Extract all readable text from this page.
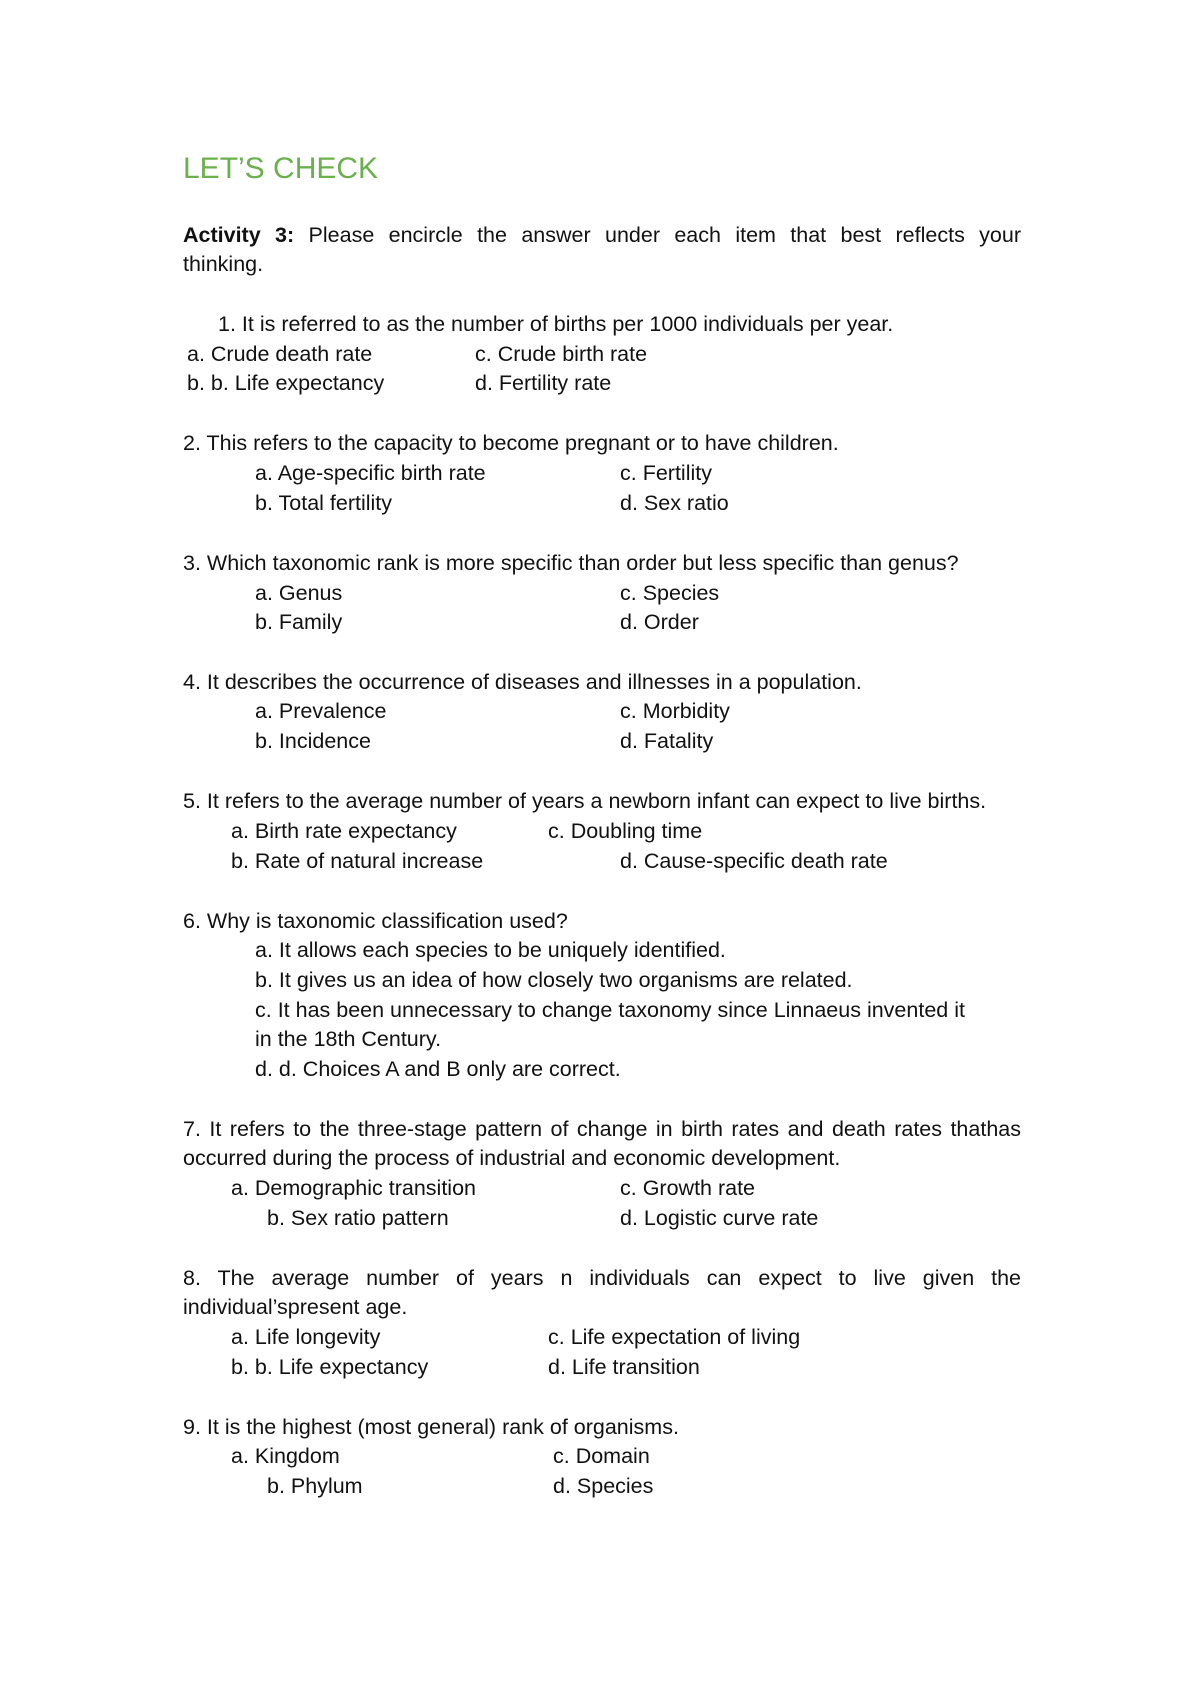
LET’S CHECK
Activity 3: Please encircle the answer under each item that best reflects your
thinking.
1. It is referred to as the number of births per 1000 individuals per year.
a. Crude death rate	c. Crude birth rate
b. b. Life expectancy	d. Fertility rate
2. This refers to the capacity to become pregnant or to have children.
a. Age-specific birth rate	c. Fertility
b. Total fertility	d. Sex ratio
3. Which taxonomic rank is more specific than order but less specific than genus?
a. Genus	c. Species
b. Family	d. Order
4. It describes the occurrence of diseases and illnesses in a population.
a. Prevalence	c. Morbidity
b. Incidence	d. Fatality
5. It refers to the average number of years a newborn infant can expect to live births.
a. Birth rate expectancy	c. Doubling time
b. Rate of natural increase	d. Cause-specific death rate
6. Why is taxonomic classification used?
a. It allows each species to be uniquely identified.
b. It gives us an idea of how closely two organisms are related.
c. It has been unnecessary to change taxonomy since Linnaeus invented it
in the 18th Century.
d. d. Choices A and B only are correct.
7. It refers to the three-stage pattern of change in birth rates and death rates thathas
occurred during the process of industrial and economic development.
a. Demographic transition	c. Growth rate
b. Sex ratio pattern	d. Logistic curve rate
8. The average number of years n individuals can expect to live given the
individual’spresent age.
a. Life longevity	c. Life expectation of living
b. b. Life expectancy	d. Life transition
9. It is the highest (most general) rank of organisms.
a. Kingdom	c. Domain
b. Phylum	d. Species
